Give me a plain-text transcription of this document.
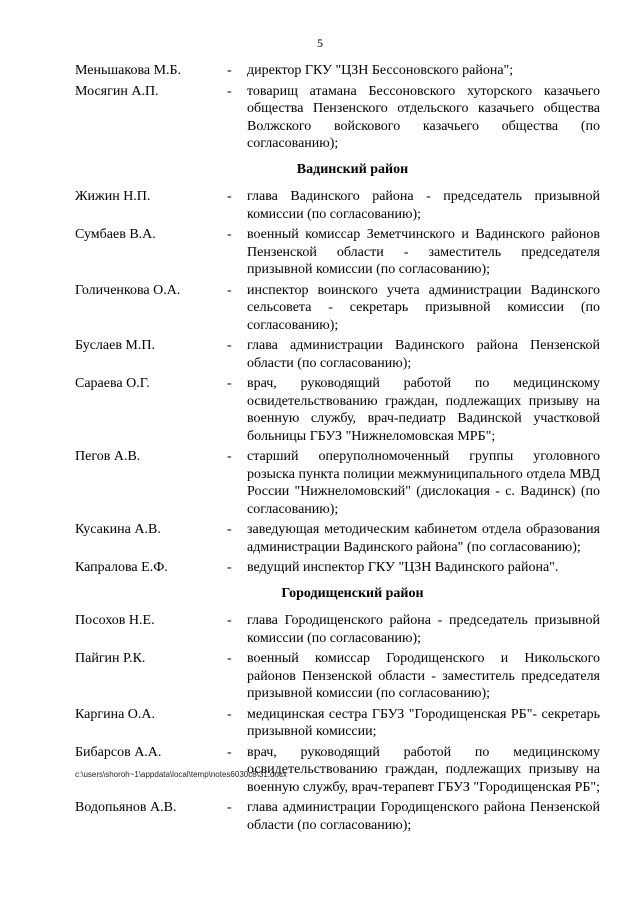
5
Меньшакова М.Б.	-	директор ГКУ "ЦЗН Бессоновского района";
Мосягин А.П.	-	товарищ атамана Бессоновского хуторского казачьего общества Пензенского отдельского казачьего общества Волжского войскового казачьего общества (по согласованию);
Вадинский район
Жижин Н.П.	-	глава Вадинского района - председатель призывной комиссии (по согласованию);
Сумбаев В.А.	-	военный комиссар Земетчинского и Вадинского районов Пензенской области - заместитель председателя призывной комиссии (по согласованию);
Голиченкова О.А.	-	инспектор воинского учета администрации Вадинского сельсовета - секретарь призывной комиссии (по согласованию);
Буслаев М.П.	-	глава администрации Вадинского района Пензенской области (по согласованию);
Сараева О.Г.	-	врач, руководящий работой по медицинскому освидетельствованию граждан, подлежащих призыву на военную службу, врач-педиатр Вадинской участковой больницы ГБУЗ "Нижнеломовская МРБ";
Пегов А.В.	-	старший оперуполномоченный группы уголовного розыска пункта полиции межмуниципального отдела МВД России "Нижнеломовский" (дислокация - с. Вадинск) (по согласованию);
Кусакина А.В.	-	заведующая методическим кабинетом отдела образования администрации Вадинского района" (по согласованию);
Капралова Е.Ф.	-	ведущий инспектор ГКУ "ЦЗН Вадинского района".
Городищенский район
Посохов Н.Е.	-	глава Городищенского района - председатель призывной комиссии (по согласованию);
Пайгин Р.К.	-	военный комиссар Городищенского и Никольского районов Пензенской области - заместитель председателя призывной комиссии (по согласованию);
Каргина О.А.	-	медицинская сестра ГБУЗ "Городищенская РБ"- секретарь призывной комиссии;
Бибарсов А.А.	-	врач, руководящий работой по медицинскому освидетельствованию граждан, подлежащих призыву на военную службу, врач-терапевт ГБУЗ "Городищенская РБ";
Водопьянов А.В.	-	глава администрации Городищенского района Пензенской области (по согласованию);
c:\users\shoroh~1\appdata\local\temp\notes6030c8\31.docx
